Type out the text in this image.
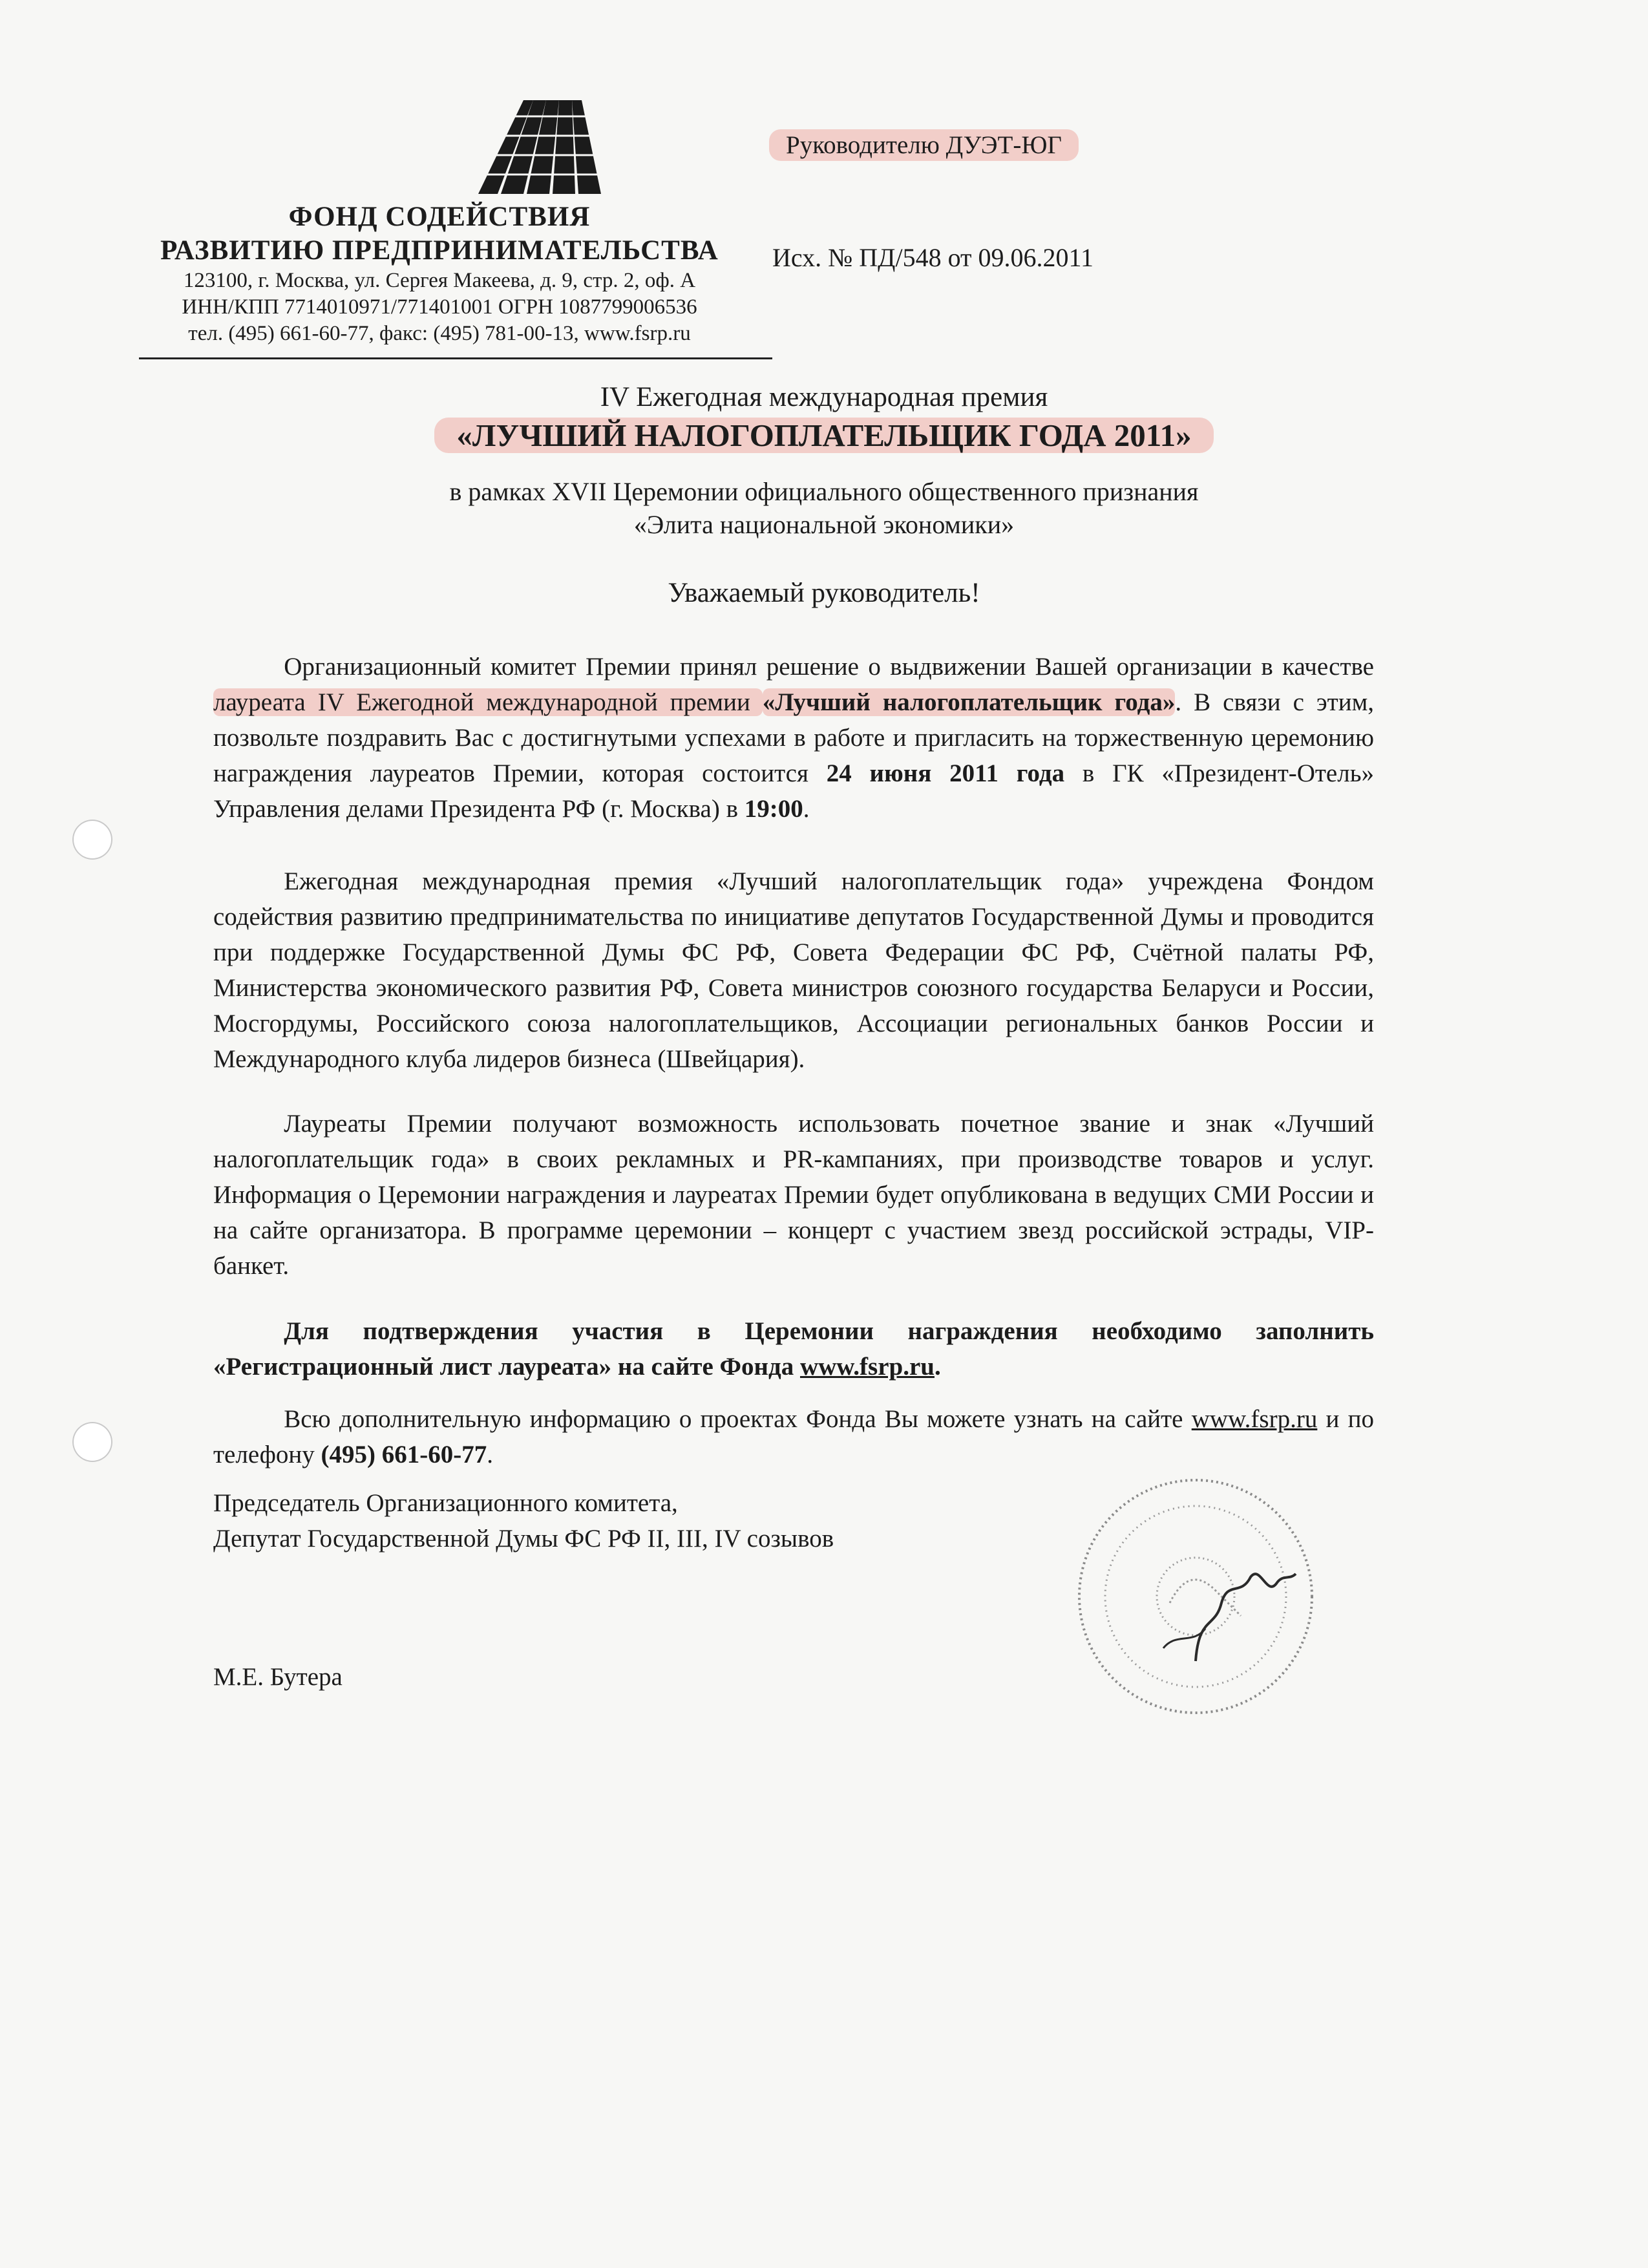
ФОНД СОДЕЙСТВИЯ
РАЗВИТИЮ ПРЕДПРИНИМАТЕЛЬСТВА
123100, г. Москва, ул. Сергея Макеева, д. 9, стр. 2, оф. А
ИНН/КПП 7714010971/771401001 ОГРН 1087799006536
тел. (495) 661-60-77, факс: (495) 781-00-13, www.fsrp.ru
Руководителю ДУЭТ-ЮГ
Исх. № ПД/548 от 09.06.2011
IV Ежегодная международная премия
«ЛУЧШИЙ НАЛОГОПЛАТЕЛЬЩИК ГОДА 2011»
в рамках XVII Церемонии официального общественного признания
«Элита национальной экономики»
Уважаемый руководитель!
Организационный комитет Премии принял решение о выдвижении Вашей организации в качестве лауреата IV Ежегодной международной премии «Лучший налогоплательщик года». В связи с этим, позвольте поздравить Вас с достигнутыми успехами в работе и пригласить на торжественную церемонию награждения лауреатов Премии, которая состоится 24 июня 2011 года в ГК «Президент-Отель» Управления делами Президента РФ (г. Москва) в 19:00.
Ежегодная международная премия «Лучший налогоплательщик года» учреждена Фондом содействия развитию предпринимательства по инициативе депутатов Государственной Думы и проводится при поддержке Государственной Думы ФС РФ, Совета Федерации ФС РФ, Счётной палаты РФ, Министерства экономического развития РФ, Совета министров союзного государства Беларуси и России, Мосгордумы, Российского союза налогоплательщиков, Ассоциации региональных банков России и Международного клуба лидеров бизнеса (Швейцария).
Лауреаты Премии получают возможность использовать почетное звание и знак «Лучший налогоплательщик года» в своих рекламных и PR-кампаниях, при производстве товаров и услуг. Информация о Церемонии награждения и лауреатах Премии будет опубликована в ведущих СМИ России и на сайте организатора. В программе церемонии – концерт с участием звезд российской эстрады, VIP-банкет.
Для подтверждения участия в Церемонии награждения необходимо заполнить «Регистрационный лист лауреата» на сайте Фонда www.fsrp.ru.
Всю дополнительную информацию о проектах Фонда Вы можете узнать на сайте www.fsrp.ru и по телефону (495) 661-60-77.
Председатель Организационного комитета,
Депутат Государственной Думы ФС РФ II, III, IV созывов
М.Е. Бутера
